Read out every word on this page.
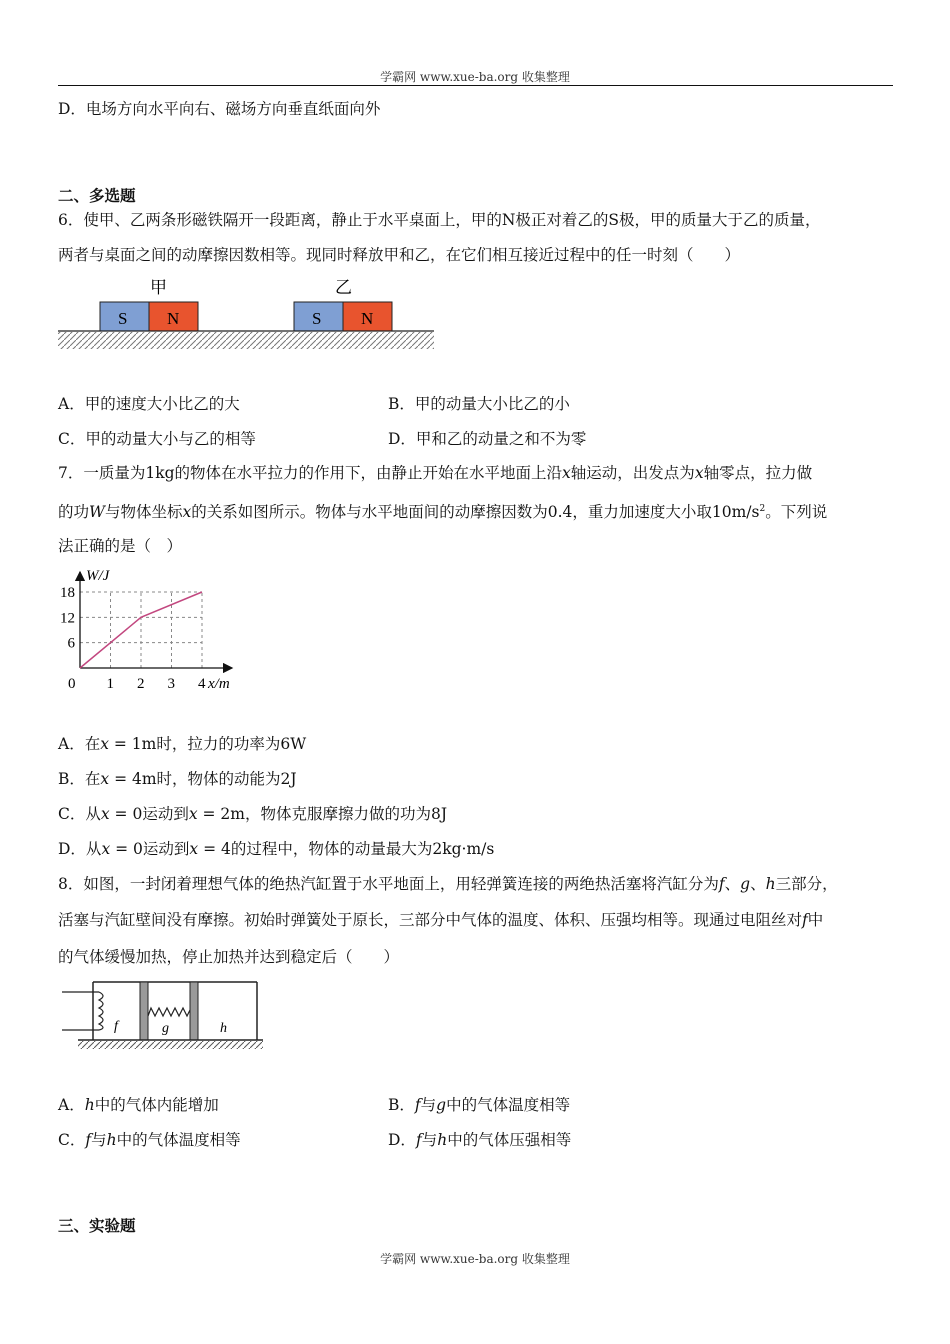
学霸网 www.xue-ba.org 收集整理
D．电场方向水平向右、磁场方向垂直纸面向外
二、多选题
6．使甲、乙两条形磁铁隔开一段距离，静止于水平桌面上，甲的N极正对着乙的S极，甲的质量大于乙的质量，
两者与桌面之间的动摩擦因数相等。现同时释放甲和乙，在它们相互接近过程中的任一时刻（　　）
甲	乙
S N	S N
A．甲的速度大小比乙的大	B．甲的动量大小比乙的小
C．甲的动量大小与乙的相等	D．甲和乙的动量之和不为零
7．一质量为1kg的物体在水平拉力的作用下，由静止开始在水平地面上沿x轴运动，出发点为x轴零点，拉力做
的功W与物体坐标x的关系如图所示。物体与水平地面间的动摩擦因数为0.4，重力加速度大小取$10m/s^2$。下列说
法正确的是（　）
W/J
x/m
6
12
18
0 1 2 3 4
A．在x = 1m时，拉力的功率为6W
B．在x = 4m时，物体的动能为2J
C．从x = 0运动到x = 2m，物体克服摩擦力做的功为8J
D．从x = 0运动到x = 4的过程中，物体的动量最大为2kg·m/s
8．如图，一封闭着理想气体的绝热汽缸置于水平地面上，用轻弹簧连接的两绝热活塞将汽缸分为f、g、h三部分，
活塞与汽缸壁间没有摩擦。初始时弹簧处于原长，三部分中气体的温度、体积、压强均相等。现通过电阻丝对f中
的气体缓慢加热，停止加热并达到稳定后（　　）
f	g	h
A．h中的气体内能增加	B．f与g中的气体温度相等
C．f与h中的气体温度相等	D．f与h中的气体压强相等
三、实验题
学霸网 www.xue-ba.org 收集整理
